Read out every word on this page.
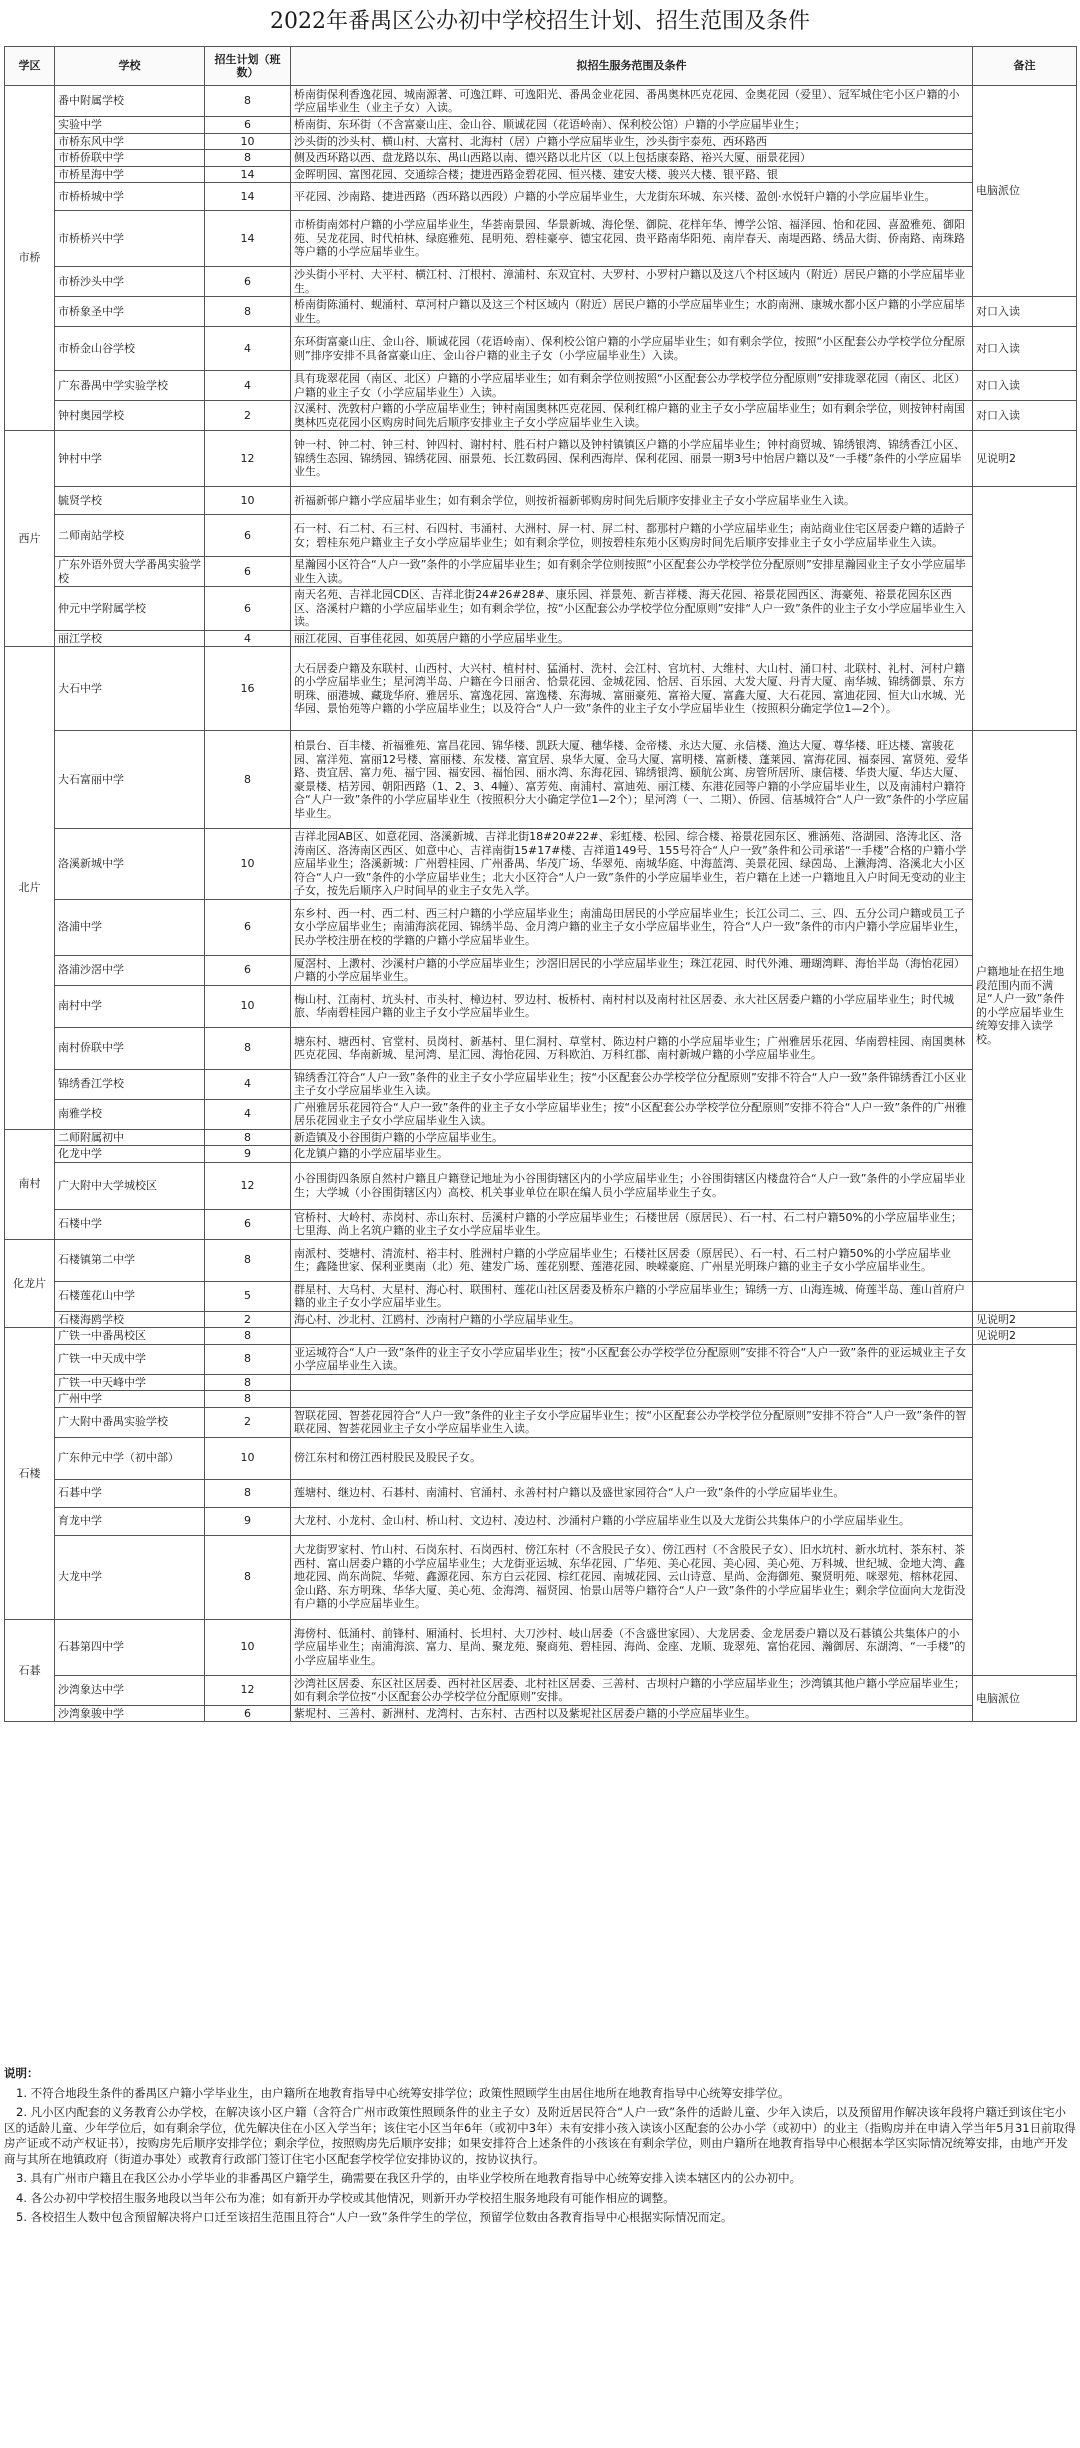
2022年番禺区公办初中学校招生计划、招生范围及条件
学区	学校	招生计划（班数）	拟招生服务范围及条件	备注
市桥	番中附属学校	8	桥南街保利香逸花园、城南源著、可逸江畔、可逸阳光、番禺金业花园、番禺奥林匹克花园、金奥花园（爱里）、冠军城住宅小区户籍的小学应届毕业生（业主子女）入读。	电脑派位
	实验中学	6	桥南街、东环街（不含富豪山庄、金山谷、顺诚花园（花语岭南）、保利校公馆）户籍的小学应届毕业生；	
	市桥东风中学	10	沙头街的沙头村、横山村、大富村、北海村（居）户籍小学应届毕业生，沙头街宇泰苑、西环路西	
	市桥侨联中学	8	侧及西环路以西、盘龙路以东、禺山西路以南、德兴路以北片区（以上包括康泰路、裕兴大厦、丽景花园）	
	市桥星海中学	14	金晖明园、富图花园、交通综合楼；捷进西路金碧花园、恒兴楼、建安大楼、骏兴大楼、银平路、银	
	市桥桥城中学	14	平花园、沙南路、捷进西路（西环路以西段）户籍的小学应届毕业生，大龙街东环城、东兴楼、盈创·水悦轩户籍的小学应届毕业生。	
	市桥桥兴中学	14	市桥街南郊村户籍的小学应届毕业生，华荟南景园、华景新城、海伦堡、御院、花样年华、博学公馆、福泽园、怡和花园、喜盈雅苑、御阳苑、吴龙花园、时代柏林、绿庭雅苑、昆明苑、碧桂豪亭、德宝花园、贵平路南华阳苑、南岸春天、南堤西路、绣品大街、侨南路、南珠路等户籍的小学应届毕业生。	
	市桥沙头中学	6	沙头街小平村、大平村、横江村、汀根村、漳浦村、东双宜村、大罗村、小罗村户籍以及这八个村区域内（附近）居民户籍的小学应届毕业生。	
	市桥象圣中学	8	桥南街陈涌村、蚬涌村、草河村户籍以及这三个村区域内（附近）居民户籍的小学应届毕业生；水韵南洲、康城水都小区户籍的小学应届毕业生。	对口入读
	市桥金山谷学校	4	东环街富豪山庄、金山谷、顺诚花园（花语岭南）、保利校公馆户籍的小学应届毕业生；如有剩余学位，按照“小区配套公办学校学位分配原则”排序安排不具备富豪山庄、金山谷户籍的业主子女（小学应届毕业生）入读。	对口入读
	广东番禺中学实验学校	4	具有珑翠花园（南区、北区）户籍的小学应届毕业生；如有剩余学位则按照“小区配套公办学校学位分配原则”安排珑翠花园（南区、北区）户籍的业主子女（小学应届毕业生）入读。	对口入读
	钟村奥园学校	2	汉溪村、洗敦村户籍的小学应届毕业生；钟村南国奥林匹克花园、保利红棉户籍的业主子女小学应届毕业生；如有剩余学位，则按钟村南国奥林匹克花园小区购房时间先后顺序安排业主子女小学应届毕业生入读。	对口入读
西片	钟村中学	12	钟一村、钟二村、钟三村、钟四村、谢村村、胜石村户籍以及钟村镇镇区户籍的小学应届毕业生；钟村商贸城、锦绣银湾、锦绣香江小区、锦绣生态园、锦绣园、锦绣花园、丽景苑、长江数码园、保利西海岸、保利花园、丽景一期3号中怡居户籍以及“一手楼”条件的小学应届毕业生。	见说明2
	毓贤学校	10	祈福新邨户籍小学应届毕业生；如有剩余学位，则按祈福新邨购房时间先后顺序安排业主子女小学应届毕业生入读。	
	二师南站学校	6	石一村、石二村、石三村、石四村、韦涌村、大洲村、屏一村、屏二村、都那村户籍的小学应届毕业生；南站商业住宅区居委户籍的适龄子女；碧桂东苑户籍业主子女小学应届毕业生；如有剩余学位，则按碧桂东苑小区购房时间先后顺序安排业主子女小学应届毕业生入读。	
	广东外语外贸大学番禺实验学校	6	星瀚园小区符合“人户一致”条件的小学应届毕业生；如有剩余学位则按照“小区配套公办学校学位分配原则”安排星瀚园业主子女小学应届毕业生入读。	
	仲元中学附属学校	6	南天名苑、吉祥北园CD区、吉祥北街24#26#28#、康乐园、祥景苑、新吉祥楼、海天花园、裕景花园西区、海豪苑、裕景花园东区西区、洛溪村户籍的小学应届毕业生；如有剩余学位，按“小区配套公办学校学位分配原则”安排“人户一致”条件的业主子女小学应届毕业生入读。	
	丽江学校	4	丽江花园、百事佳花园、如英居户籍的小学应届毕业生。	
北片	大石中学	16	大石居委户籍及东联村、山西村、大兴村、植村村、猛涌村、洗村、会江村、官坑村、大维村、大山村、涌口村、北联村、礼村、河村户籍的小学应届毕业生；星河湾半岛、户籍在今日丽舍、恰景花园、金城花园、恰居、百乐园、大发大厦、丹青大厦、南华城、锦绣御景、东方明珠、丽港城、藏珑华府、雅居乐、富逸花园、富逸楼、东海城、富丽豪苑、富裕大厦、富鑫大厦、大石花园、富迪花园、恒大山水城、光华园、景怡苑等户籍的小学应届毕业生；以及符合“人户一致”条件的业主子女小学应届毕业生（按照积分确定学位1—2个）。	
	大石富丽中学	8	柏景台、百丰楼、祈福雅苑、富昌花园、锦华楼、凯跃大厦、穗华楼、金帝楼、永达大厦、永信楼、渔达大厦、尊华楼、旺达楼、富骏花园、富洋苑、富丽12号楼、富丽楼、东发楼、富宜居、泉华大厦、金马大厦、富明楼、富新楼、蓬莱园、富海花园、福泰园、富贤苑、爱华路、贵宜居、富力苑、福宁园、福安园、福怡园、丽水湾、东海花园、锦绣银湾、颐航公寓、房管所居所、康信楼、华贵大厦、华达大厦、豪景楼、桔芳园、朝阳西路（1、2、3、4幢）、富芳苑、南浦村、富迪苑、丽江楼、东港花园等户籍的小学应届毕业生，以及南浦村户籍符合“人户一致”条件的小学应届毕业生（按照积分大小确定学位1—2个）；星河湾（一、二期）、侨园、信基城符合“人户一致”条件的小学应届毕业生。	户籍地址在招生地段范围内而不满足“人户一致”条件的小学应届毕业生统筹安排入读学校。
	洛溪新城中学	10	吉祥北园AB区、如意花园、洛溪新城、吉祥北街18#20#22#、彩虹楼、松园、综合楼、裕景花园东区、雅涵苑、洛湖园、洛涛北区、洛涛南区、洛涛南区西区、如意中心、吉祥南街15#17#楼、吉祥道149号、155号符合“人户一致”条件和公司承诺“一手楼”合格的户籍小学应届毕业生；洛溪新城：广州碧桂园、广州番禺、华茂广场、华翠苑、南城华庭、中海蓝湾、美景花园、绿茵岛、上濑海湾、洛溪北大小区符合“人户一致”条件的小学应届毕业生；北大小区符合“人户一致”条件的小学应届毕业生，若户籍在上述一户籍地且入户时间无变动的业主子女，按先后顺序入户时间早的业主子女先入学。	
	洛浦中学	6	东乡村、西一村、西二村、西三村户籍的小学应届毕业生；南浦岛田居民的小学应届毕业生；长江公司二、三、四、五分公司户籍或员工子女小学应届毕业生；南浦海滨花园、锦绣半岛、金月湾户籍的业主子女小学应届毕业生，符合“人户一致”条件的市内户籍小学应届毕业生，民办学校注册在校的学籍的户籍小学应届毕业生。	
	洛浦沙滘中学	6	厦滘村、上漖村、沙溪村户籍的小学应届毕业生；沙滘旧居民的小学应届毕业生；珠江花园、时代外滩、珊瑚湾畔、海怡半岛（海怡花园）户籍的小学应届毕业生。	
	南村中学	10	梅山村、江南村、坑头村、市头村、樟边村、罗边村、板桥村、南村村以及南村社区居委、永大社区居委户籍的小学应届毕业生；时代城旅、华南碧桂园户籍的业主子女小学应届毕业生。	
	南村侨联中学	8	塘东村、塘西村、官堂村、员岗村、新基村、里仁洞村、草堂村、陈边村户籍的小学应届毕业生；广州雅居乐花园、华南碧桂园、南国奥林匹克花园、华南新城、星河湾、星汇园、海怡花园、万科欧泊、万科红郡、南村新城户籍的小学应届毕业生。	
	锦绣香江学校	4	锦绣香江符合“人户一致”条件的业主子女小学应届毕业生；按“小区配套公办学校学位分配原则”安排不符合“人户一致”条件锦绣香江小区业主子女小学应届毕业生入读。	
	南雅学校	4	广州雅居乐花园符合“人户一致”条件的业主子女小学应届毕业生；按“小区配套公办学校学位分配原则”安排不符合“人户一致”条件的广州雅居乐花园业主子女小学应届毕业生入读。	
南村	二师附属初中	8	新造镇及小谷围街户籍的小学应届毕业生。	
	化龙中学	9	化龙镇户籍的小学应届毕业生。	
	广大附中大学城校区	12	小谷围街四条原自然村户籍且户籍登记地址为小谷围街辖区内的小学应届毕业生；小谷围街辖区内楼盘符合“人户一致”条件的小学应届毕业生；大学城（小谷围街辖区内）高校、机关事业单位在职在编人员小学应届毕业生子女。	
	石楼中学	6	官桥村、大岭村、赤岗村、赤山东村、岳溪村户籍的小学应届毕业生；石楼世居（原居民）、石一村、石二村户籍50%的小学应届毕业生；七里海、尚上名筑户籍的业主子女小学应届毕业生。	
化龙片	石楼镇第二中学	8	南派村、茭塘村、清流村、裕丰村、胜洲村户籍的小学应届毕业生；石楼社区居委（原居民）、石一村、石二村户籍50%的小学应届毕业生；鑫隆世家、保利亚奥南（北）苑、建发广场、莲花别墅、莲港花园、映嵘豪庭、广州星光明珠户籍的业主子女小学应届毕业生。	
	石楼莲花山中学	5	群星村、大乌村、大星村、海心村、联围村、莲花山社区居委及桥东户籍的小学应届毕业生；锦绣一方、山海连城、倚莲半岛、莲山首府户籍的业主子女小学应届毕业生。	
	石楼海鸥学校	2	海心村、沙北村、江鸥村、沙南村户籍的小学应届毕业生。	见说明2
石楼	广铁一中番禺校区	8		见说明2
	广铁一中天成中学	8	亚运城符合“人户一致”条件的业主子女小学应届毕业生；按“小区配套公办学校学位分配原则”安排不符合“人户一致”条件的亚运城业主子女小学应届毕业生入读。	
	广铁一中天峰中学	8		
	广州中学	8		
	广大附中番禺实验学校	2	智联花园、智荟花园符合“人户一致”条件的业主子女小学应届毕业生；按“小区配套公办学校学位分配原则”安排不符合“人户一致”条件的智联花园、智荟花园业主子女小学应届毕业生入读。	
	广东仲元中学（初中部）	10	傍江东村和傍江西村股民及股民子女。	
	石碁中学	8	莲塘村、继边村、石碁村、南浦村、官涌村、永善村村户籍以及盛世家园符合“人户一致”条件的小学应届毕业生。	
	育龙中学	9	大龙村、小龙村、金山村、桥山村、文边村、凌边村、沙涌村户籍的小学应届毕业生以及大龙街公共集体户的小学应届毕业生。	
	大龙中学	8	大龙街罗家村、竹山村、石岗东村、石岗西村、傍江东村（不含股民子女）、傍江西村（不含股民子女）、旧水坑村、新水坑村、茶东村、茶西村、富山居委户籍的小学应届毕业生；大龙街亚运城、东华花园、广华苑、美心花园、美心园、美心苑、万科城、世纪城、金地大湾、鑫地花园、尚东尚院、华菀、鑫源花园、东方白云花园、棕红花园、南城花园、云山诗意、星尚、金海御苑、聚贤明苑、咪翠苑、榕林花园、金山路、东方明珠、华华大厦、美心苑、金海湾、福贤园、怡景山居等户籍符合“人户一致”条件的小学应届毕业生；剩余学位面向大龙街没有户籍的小学应届毕业生。	
石碁	石碁第四中学	10	海傍村、低涌村、前锋村、厢涌村、长坦村、大刀沙村、岐山居委（不含盛世家园）、大龙居委、金龙居委户籍以及石碁镇公共集体户的小学应届毕业生；南浦海滨、富力、星尚、聚龙苑、聚商苑、碧桂园、海尚、金座、龙顺、珑翠苑、富怡花园、瀚御居、东湖湾、“一手楼”的小学应届毕业生。	
	沙湾象达中学	12	沙湾社区居委、东区社区居委、西村社区居委、北村社区居委、三善村、古坝村户籍的小学应届毕业生；沙湾镇其他户籍小学应届毕业生；如有剩余学位按“小区配套公办学校学位分配原则”安排。	电脑派位
	沙湾象骏中学	6	紫坭村、三善村、新洲村、龙湾村、古东村、古西村以及紫坭社区居委户籍的小学应届毕业生。	
说明：

1. 不符合地段生条件的番禺区户籍小学毕业生，由户籍所在地教育指导中心统筹安排学位；政策性照顾学生由居住地所在地教育指导中心统筹安排学位。

2. 凡小区内配套的义务教育公办学校，在解决该小区户籍（含符合广州市政策性照顾条件的业主子女）及附近居民符合“人户一致”条件的适龄儿童、少年入读后，以及预留用作解决该年段将户籍迁到该住宅小区的适龄儿童、少年学位后，如有剩余学位，优先解决住在小区入学当年；该住宅小区当年6年（或初中3年）未有安排小孩入读该小区配套的公办小学（或初中）的业主（指购房并在申请入学当年5月31日前取得房产证或不动产权证书），按购房先后顺序安排学位；剩余学位，按照购房先后顺序安排；如果安排符合上述条件的小孩该在有剩余学位，则由户籍所在地教育指导中心根据本学区实际情况统筹安排，由地产开发商与其所在地镇政府（街道办事处）或教育行政部门签订住宅小区配套学校学位安排协议的，按协议执行。

3. 具有广州市户籍且在我区公办小学毕业的非番禺区户籍学生，确需要在我区升学的，由毕业学校所在地教育指导中心统筹安排入读本辖区内的公办初中。

4. 各公办初中学校招生服务地段以当年公布为准；如有新开办学校或其他情况，则新开办学校招生服务地段有可能作相应的调整。

5. 各校招生人数中包含预留解决将户口迁至该招生范围且符合“人户一致”条件学生的学位，预留学位数由各教育指导中心根据实际情况而定。
